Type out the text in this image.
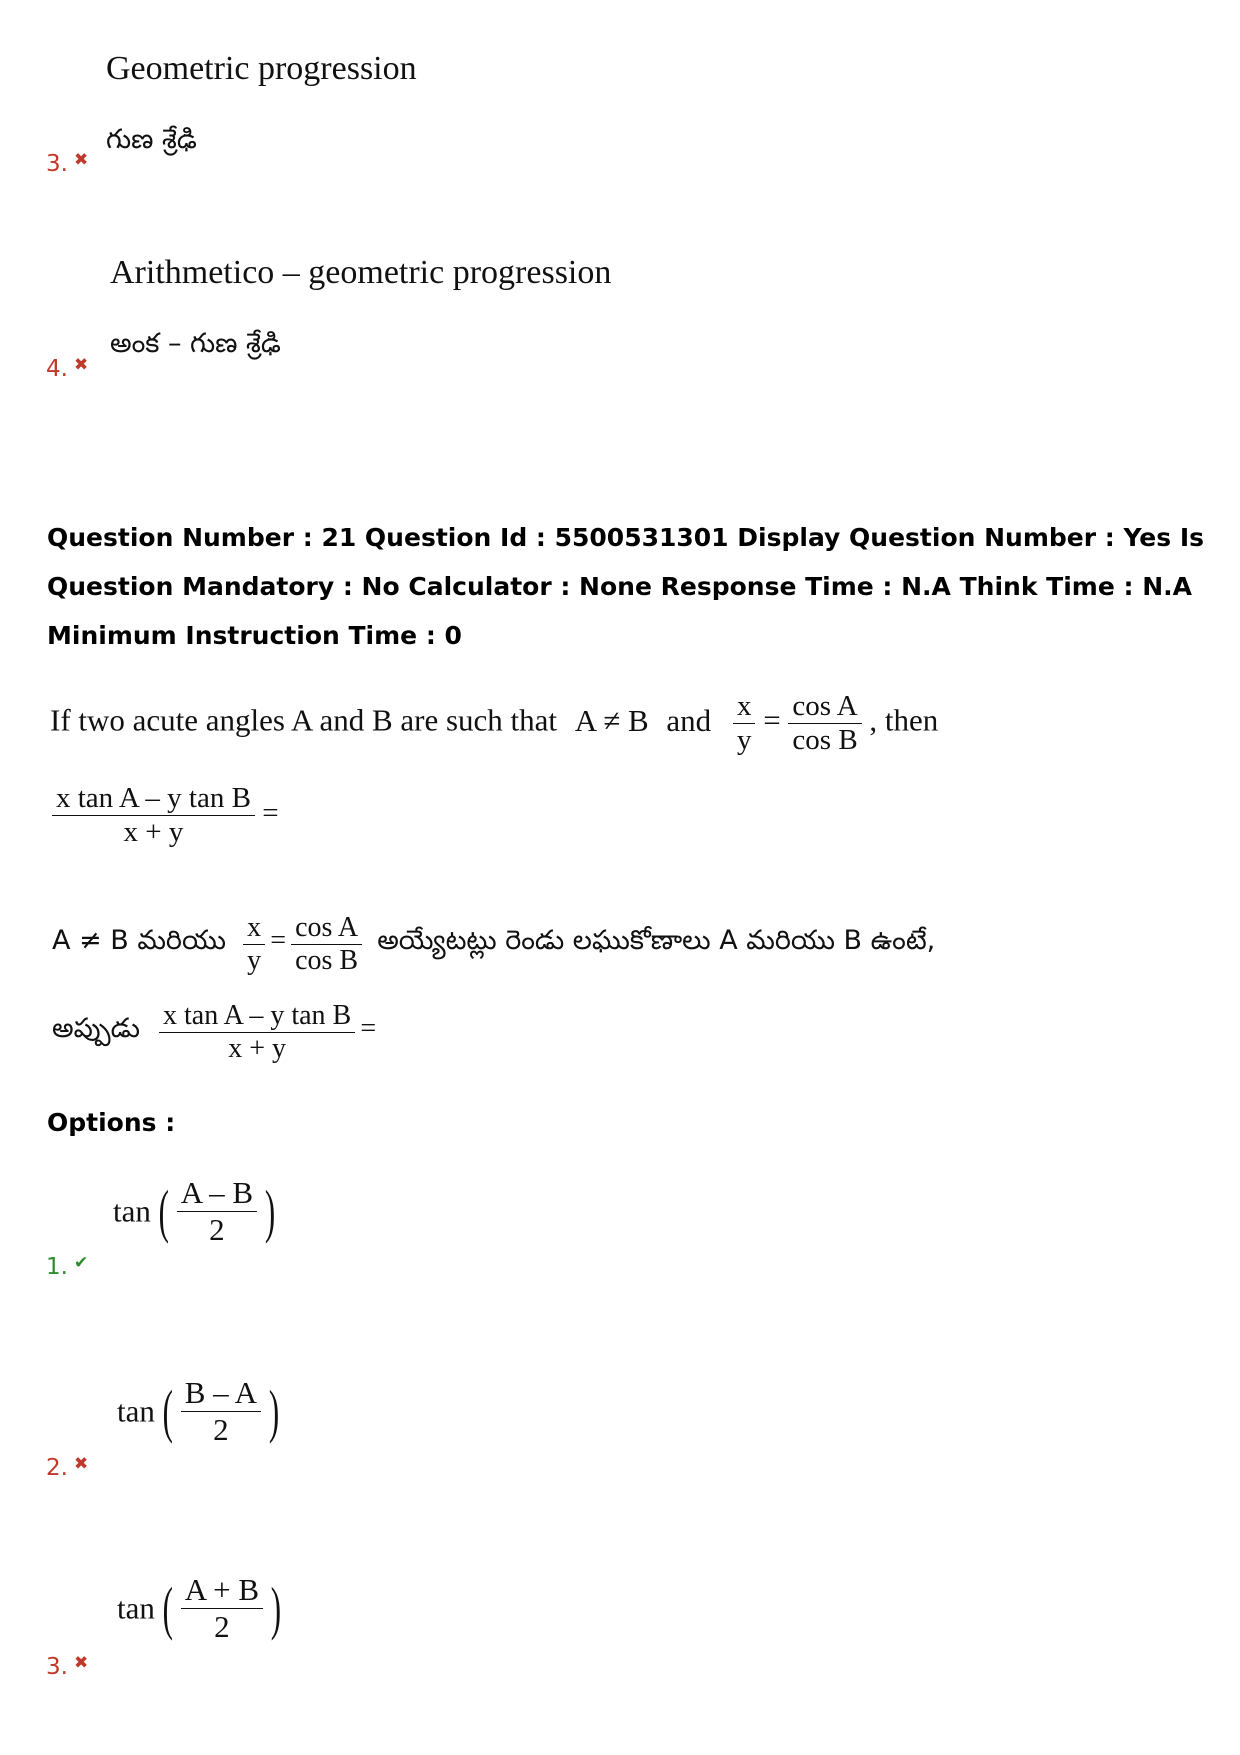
Geometric progression
గుణ శ్రేఢి
3. ✖
Arithmetico – geometric progression
అంక – గుణ శ్రేఢి
4. ✖
Question Number : 21 Question Id : 5500531301 Display Question Number : Yes Is Question Mandatory : No Calculator : None Response Time : N.A Think Time : N.A Minimum Instruction Time : 0
If two acute angles A and B are such that A ≠ B and $\frac{x}{y} = \frac{\text{cos A}}{\text{cos B}}$ , then
$\frac{\text{x tan A – y tan B}}{x + y}$ =
A ≠ B మరియు $\frac{x}{y} = \frac{\text{cos A}}{\text{cos B}}$ అయ్యేటట్లు రెండు లఘుకోణాలు A మరియు B ఉంటే,
అప్పుడు $\frac{\text{x tan A – y tan B}}{x + y}$ =
Options :
tan ( $\frac{A - B}{2}$ )
1. ✔
tan ( $\frac{B - A}{2}$ )
2. ✖
tan ( $\frac{A + B}{2}$ )
3. ✖
